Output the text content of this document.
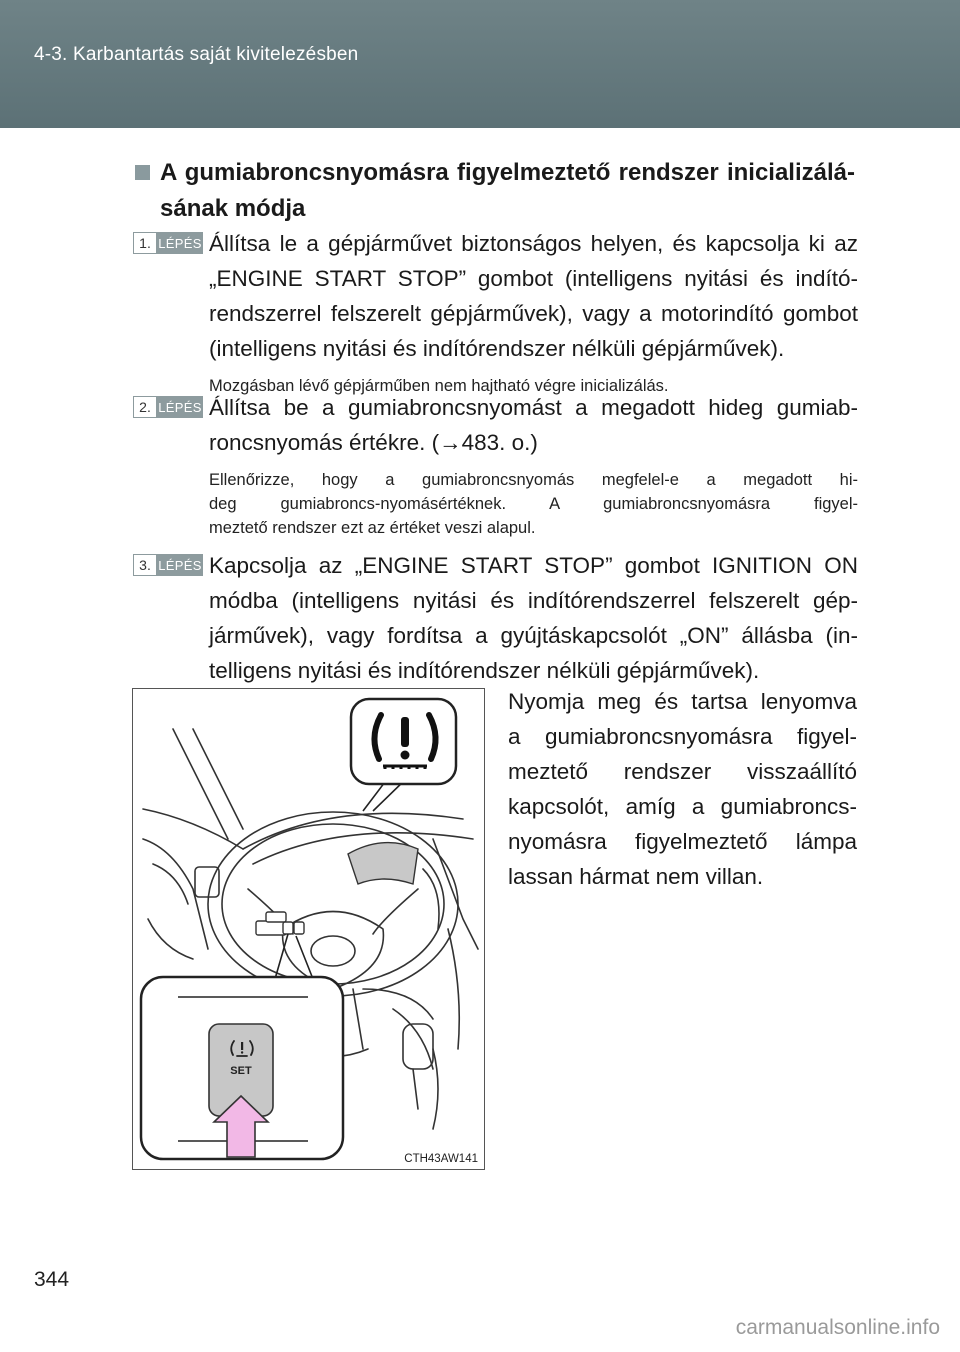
4-3. Karbantartás saját kivitelezésben
A gumiabroncsnyomásra figyelmeztető rendszer inicializálá-
sának módja
1. LÉPÉS Állítsa le a gépjárművet biztonságos helyen, és kapcsolja ki az
„ENGINE START STOP” gombot (intelligens nyitási és indító-
rendszerrel felszerelt gépjárművek), vagy a motorindító gombot
(intelligens nyitási és indítórendszer nélküli gépjárművek).
Mozgásban lévő gépjárműben nem hajtható végre inicializálás.
2. LÉPÉS Állítsa be a gumiabroncsnyomást a megadott hideg gumiab-
roncsnyomás értékre. (→483. o.)
Ellenőrizze, hogy a gumiabroncsnyomás megfelel-e a megadott hi-
deg gumiabroncs-nyomásértéknek. A gumiabroncsnyomásra figyel-
meztető rendszer ezt az értéket veszi alapul.
3. LÉPÉS Kapcsolja az „ENGINE START STOP” gombot IGNITION ON
módba (intelligens nyitási és indítórendszerrel felszerelt gép-
járművek), vagy fordítsa a gyújtáskapcsolót „ON” állásba (in-
telligens nyitási és indítórendszer nélküli gépjárművek).
SET
CTH43AW141
Nyomja meg és tartsa lenyomva
a gumiabroncsnyomásra figyel-
meztető rendszer visszaállító
kapcsolót, amíg a gumiabroncs-
nyomásra figyelmeztető lámpa
lassan hármat nem villan.
344
carmanualsonline.info
